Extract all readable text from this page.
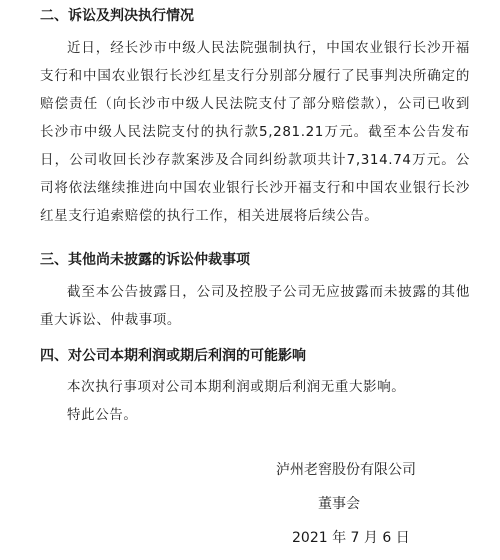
二、诉讼及判决执行情况
近日，经长沙市中级人民法院强制执行，中国农业银行长沙开福支行和中国农业银行长沙红星支行分别部分履行了民事判决所确定的赔偿责任（向长沙市中级人民法院支付了部分赔偿款），公司已收到长沙市中级人民法院支付的执行款5,281.21万元。截至本公告发布日，公司收回长沙存款案涉及合同纠纷款项共计7,314.74万元。公司将依法继续推进向中国农业银行长沙开福支行和中国农业银行长沙红星支行追索赔偿的执行工作，相关进展将后续公告。
三、其他尚未披露的诉讼仲裁事项
截至本公告披露日，公司及控股子公司无应披露而未披露的其他重大诉讼、仲裁事项。
四、对公司本期利润或期后利润的可能影响
本次执行事项对公司本期利润或期后利润无重大影响。
特此公告。
泸州老窖股份有限公司
董事会
2021 年 7 月 6 日
